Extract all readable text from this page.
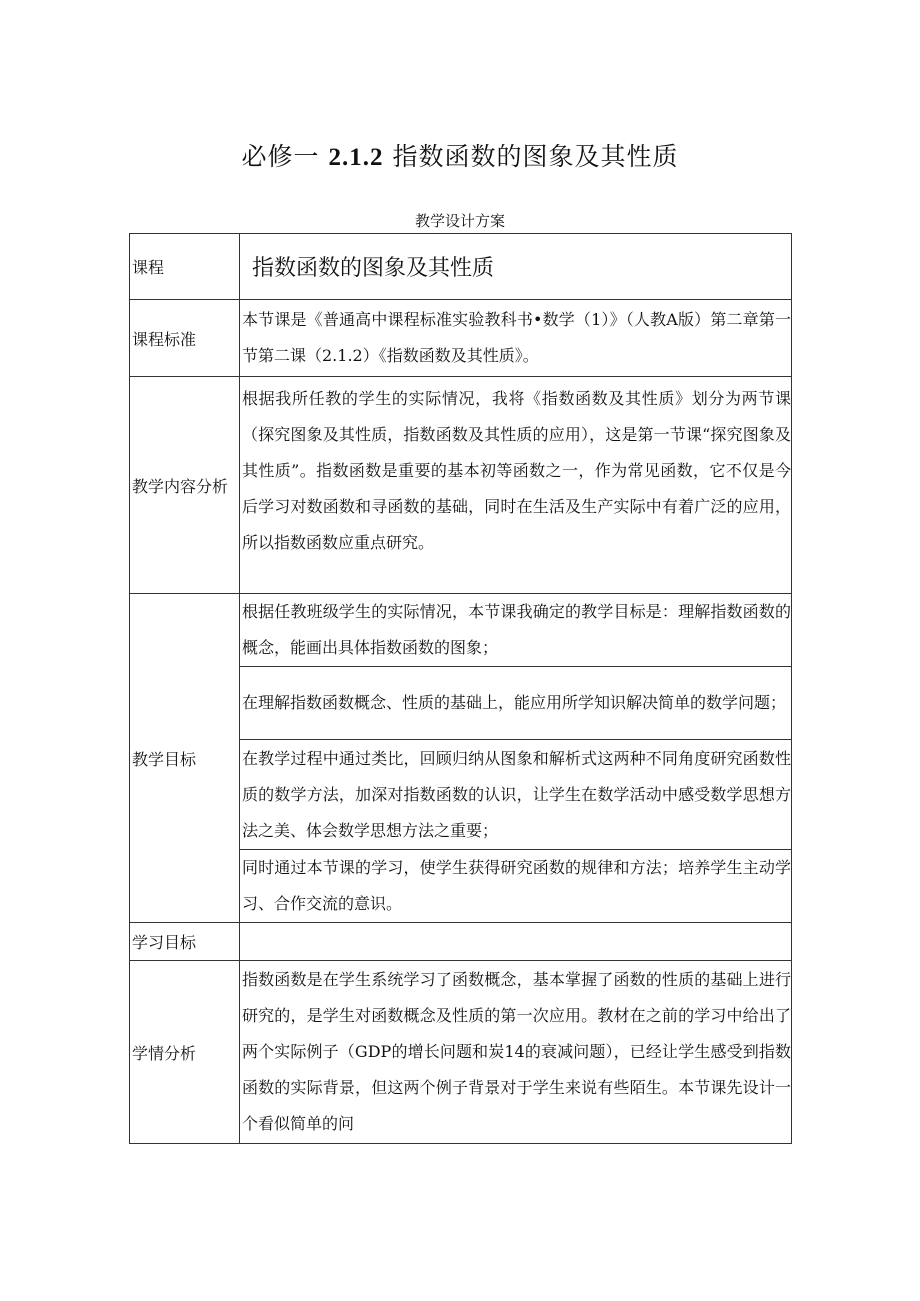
必修一 2.1.2 指数函数的图象及其性质
教学设计方案
课程	指数函数的图象及其性质
课程标准	本节课是《普通高中课程标准实验教科书•数学（1）》（人教A版）第二章第一节第二课（2.1.2）《指数函数及其性质》。
教学内容分析	根据我所任教的学生的实际情况，我将《指数函数及其性质》划分为两节课（探究图象及其性质，指数函数及其性质的应用），这是第一节课“探究图象及其性质”。指数函数是重要的基本初等函数之一，作为常见函数，它不仅是今后学习对数函数和寻函数的基础，同时在生活及生产实际中有着广泛的应用，所以指数函数应重点研究。
教学目标	根据任教班级学生的实际情况，本节课我确定的教学目标是：理解指数函数的概念，能画出具体指数函数的图象；
	在理解指数函数概念、性质的基础上，能应用所学知识解决简单的数学问题；
	在教学过程中通过类比，回顾归纳从图象和解析式这两种不同角度研究函数性质的数学方法，加深对指数函数的认识，让学生在数学活动中感受数学思想方法之美、体会数学思想方法之重要；
	同时通过本节课的学习，使学生获得研究函数的规律和方法；培养学生主动学习、合作交流的意识。
学习目标	
学情分析	指数函数是在学生系统学习了函数概念，基本掌握了函数的性质的基础上进行研究的，是学生对函数概念及性质的第一次应用。教材在之前的学习中给出了两个实际例子（GDP的增长问题和炭14的衰减问题），已经让学生感受到指数函数的实际背景，但这两个例子背景对于学生来说有些陌生。本节课先设计一个看似简单的问
